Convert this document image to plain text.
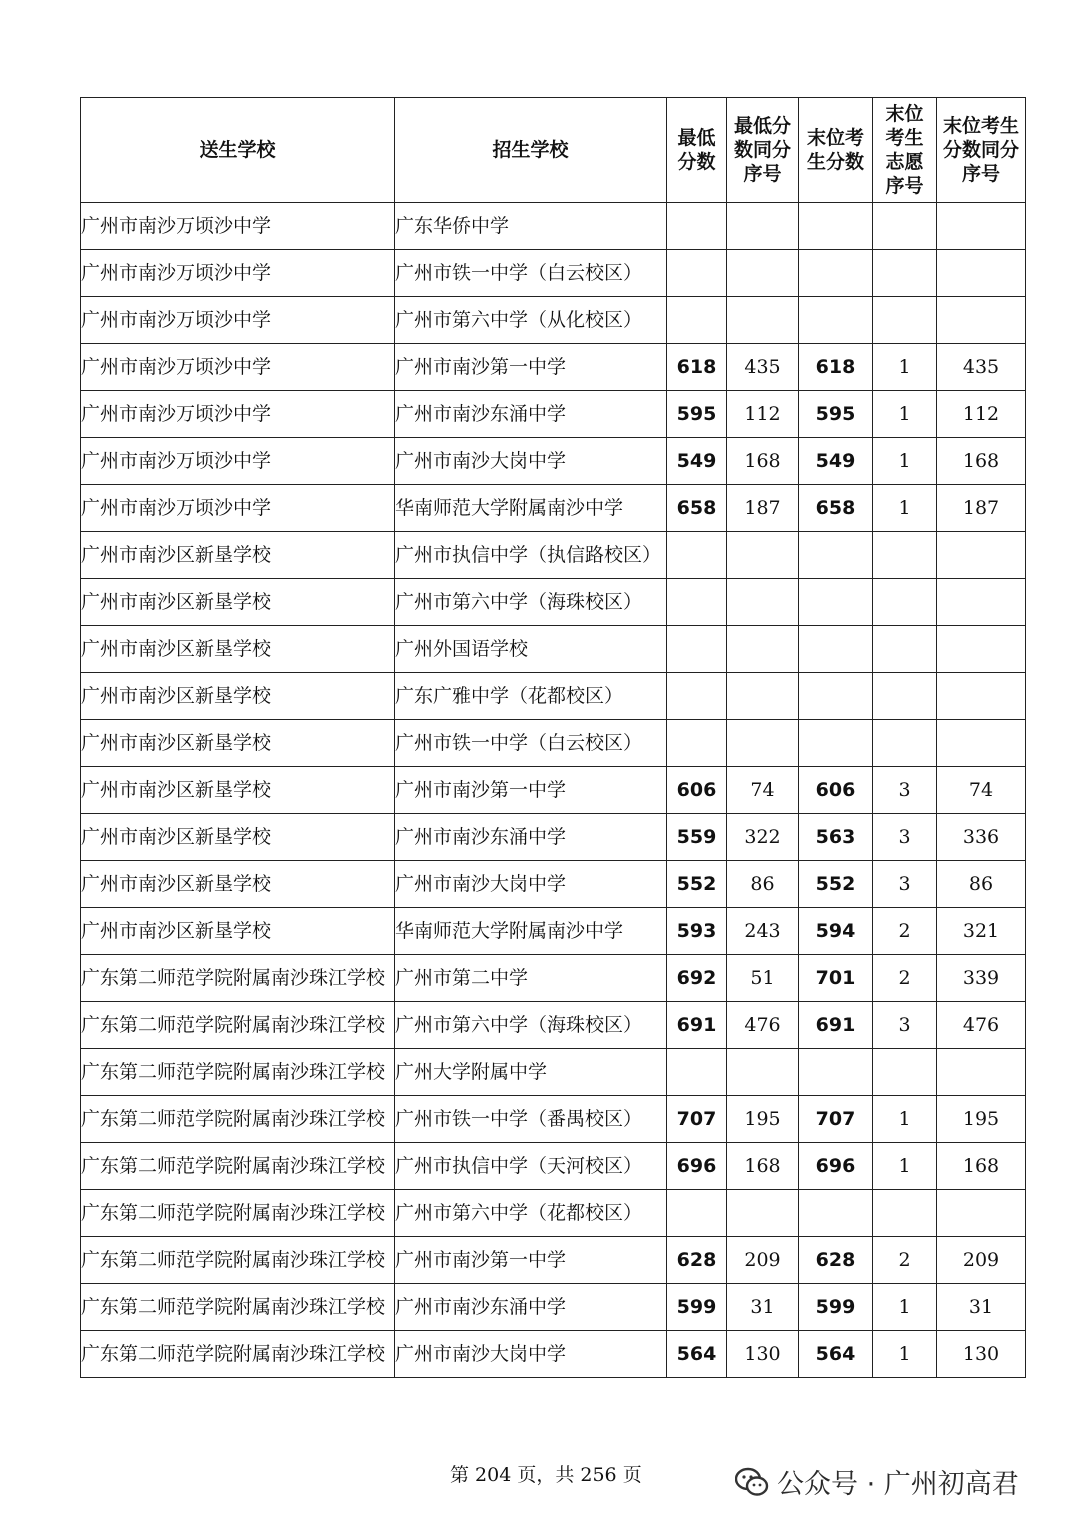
送生学校	招生学校	最低分数	最低分数同分序号	末位考生分数	末位考生志愿序号	末位考生分数同分序号

广州市南沙万顷沙中学	广东华侨中学					
广州市南沙万顷沙中学	广州市铁一中学（白云校区）					
广州市南沙万顷沙中学	广州市第六中学（从化校区）					
广州市南沙万顷沙中学	广州市南沙第一中学	618	435	618	1	435
广州市南沙万顷沙中学	广州市南沙东涌中学	595	112	595	1	112
广州市南沙万顷沙中学	广州市南沙大岗中学	549	168	549	1	168
广州市南沙万顷沙中学	华南师范大学附属南沙中学	658	187	658	1	187
广州市南沙区新垦学校	广州市执信中学（执信路校区）					
广州市南沙区新垦学校	广州市第六中学（海珠校区）					
广州市南沙区新垦学校	广州外国语学校					
广州市南沙区新垦学校	广东广雅中学（花都校区）					
广州市南沙区新垦学校	广州市铁一中学（白云校区）					
广州市南沙区新垦学校	广州市南沙第一中学	606	74	606	3	74
广州市南沙区新垦学校	广州市南沙东涌中学	559	322	563	3	336
广州市南沙区新垦学校	广州市南沙大岗中学	552	86	552	3	86
广州市南沙区新垦学校	华南师范大学附属南沙中学	593	243	594	2	321
广东第二师范学院附属南沙珠江学校	广州市第二中学	692	51	701	2	339
广东第二师范学院附属南沙珠江学校	广州市第六中学（海珠校区）	691	476	691	3	476
广东第二师范学院附属南沙珠江学校	广州大学附属中学					
广东第二师范学院附属南沙珠江学校	广州市铁一中学（番禺校区）	707	195	707	1	195
广东第二师范学院附属南沙珠江学校	广州市执信中学（天河校区）	696	168	696	1	168
广东第二师范学院附属南沙珠江学校	广州市第六中学（花都校区）					
广东第二师范学院附属南沙珠江学校	广州市南沙第一中学	628	209	628	2	209
广东第二师范学院附属南沙珠江学校	广州市南沙东涌中学	599	31	599	1	31
广东第二师范学院附属南沙珠江学校	广州市南沙大岗中学	564	130	564	1	130
第 204 页，共 256 页	公众号 · 广州初高君
